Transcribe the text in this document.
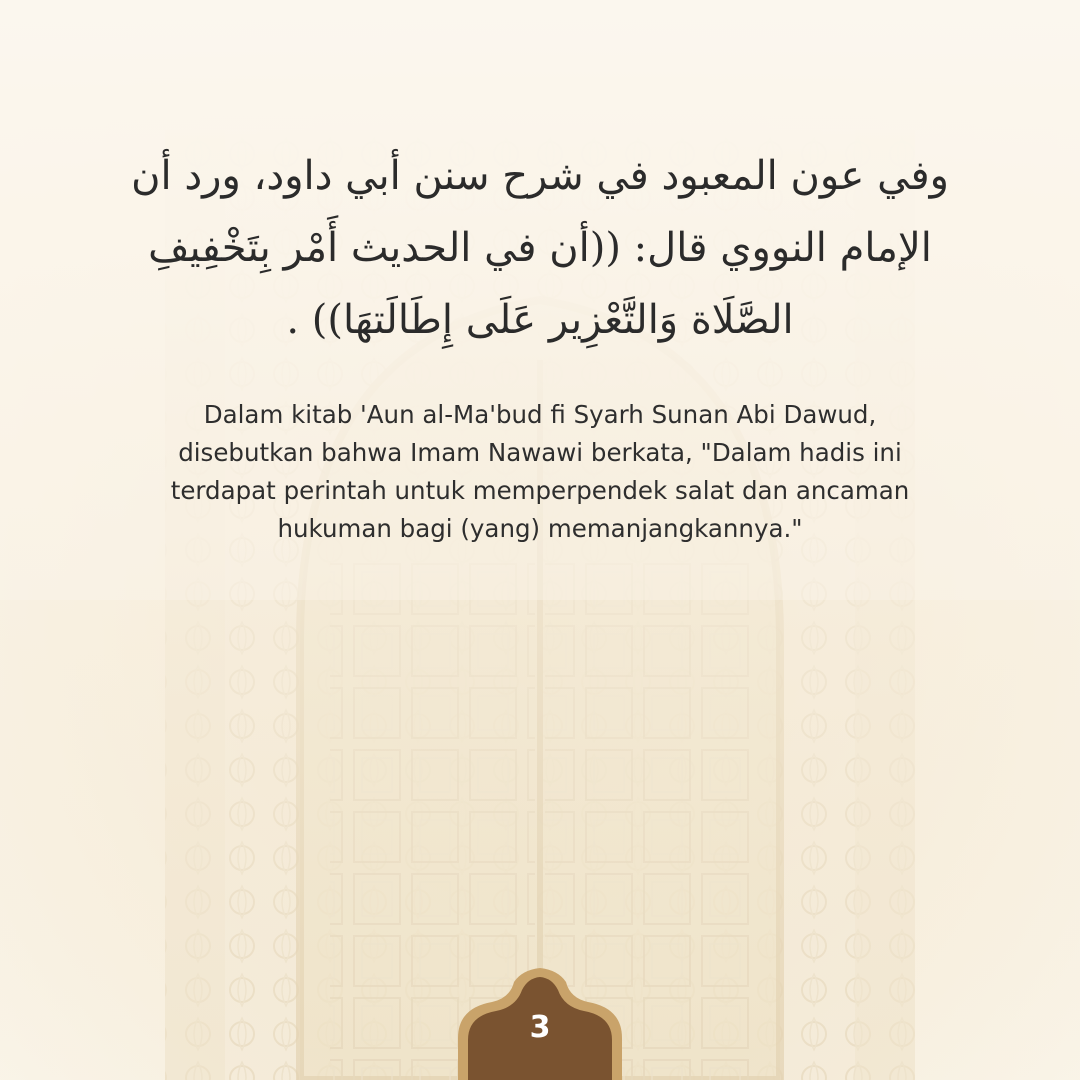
وفي عون المعبود في شرح سنن أبي داود، ورد أن الإمام النووي قال: ((أن في الحديث أَمْر بِتَخْفِيفِ الصَّلَاة وَالتَّعْزِير عَلَى إِطَالَتهَا)) .
Dalam kitab 'Aun al-Ma'bud fi Syarh Sunan Abi Dawud, disebutkan bahwa Imam Nawawi berkata, "Dalam hadis ini terdapat perintah untuk memperpendek salat dan ancaman hukuman bagi (yang) memanjangkannya."
3
